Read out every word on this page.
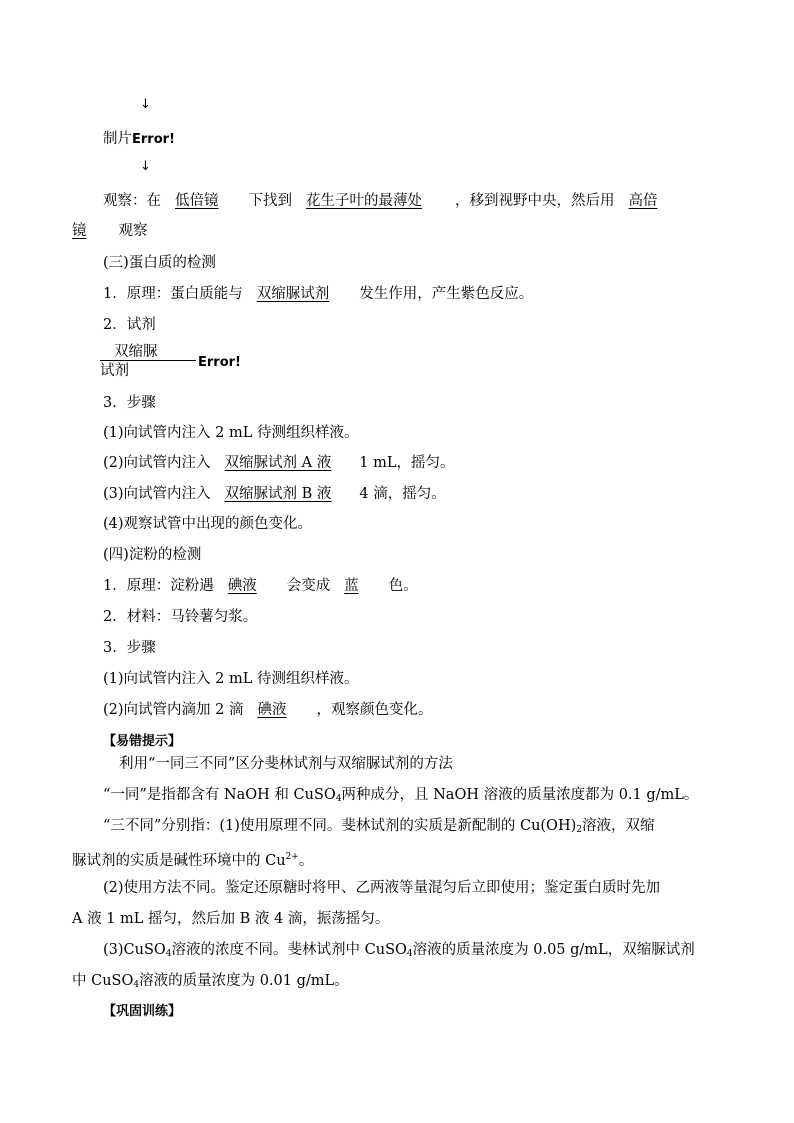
↓
制片Error!
↓
观察：在 低倍镜 下找到 花生子叶的最薄处 ，移到视野中央，然后用 高倍
镜 观察
(三)蛋白质的检测
1．原理：蛋白质能与 双缩脲试剂 发生作用，产生紫色反应。
2．试剂
双缩脲
试剂
Error!
3．步骤
(1)向试管内注入 2 mL 待测组织样液。
(2)向试管内注入 双缩脲试剂 A 液 1 mL，摇匀。
(3)向试管内注入 双缩脲试剂 B 液 4 滴，摇匀。
(4)观察试管中出现的颜色变化。
(四)淀粉的检测
1．原理：淀粉遇 碘液 会变成 蓝 色。
2．材料：马铃薯匀浆。
3．步骤
(1)向试管内注入 2 mL 待测组织样液。
(2)向试管内滴加 2 滴 碘液 ，观察颜色变化。
【易错提示】
利用“一同三不同”区分斐林试剂与双缩脲试剂的方法
“一同”是指都含有 NaOH 和 CuSO$_4$两种成分，且 NaOH 溶液的质量浓度都为 0.1 g/mL。
“三不同”分别指：(1)使用原理不同。斐林试剂的实质是新配制的 $Cu(OH)_2$溶液，双缩
脲试剂的实质是碱性环境中的 $Cu^{2+}$。
(2)使用方法不同。鉴定还原糖时将甲、乙两液等量混匀后立即使用；鉴定蛋白质时先加
A 液 1 mL 摇匀，然后加 B 液 4 滴，振荡摇匀。
(3)CuSO$_4$溶液的浓度不同。斐林试剂中 CuSO$_4$溶液的质量浓度为 0.05 g/mL，双缩脲试剂
中 CuSO$_4$溶液的质量浓度为 0.01 g/mL。
【巩固训练】
